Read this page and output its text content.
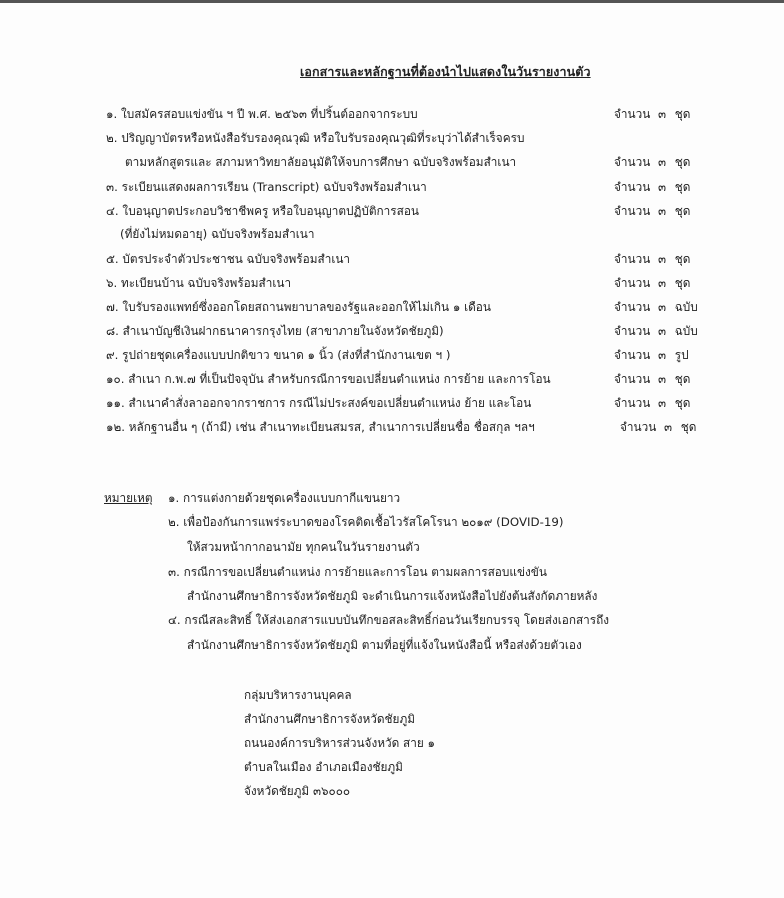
เอกสารและหลักฐานที่ต้องนำไปแสดงในวันรายงานตัว
๑. ใบสมัครสอบแข่งขัน ฯ ปี พ.ศ. ๒๕๖๓ ที่ปริ้นต์ออกจากระบบ	จำนวน ๓ ชุด
๒. ปริญญาบัตรหรือหนังสือรับรองคุณวุฒิ หรือใบรับรองคุณวุฒิที่ระบุว่าได้สำเร็จครบ
ตามหลักสูตรและ สภามหาวิทยาลัยอนุมัติให้จบการศึกษา ฉบับจริงพร้อมสำเนา	จำนวน ๓ ชุด
๓. ระเบียนแสดงผลการเรียน (Transcript) ฉบับจริงพร้อมสำเนา	จำนวน ๓ ชุด
๔. ใบอนุญาตประกอบวิชาชีพครู หรือใบอนุญาตปฏิบัติการสอน	จำนวน ๓ ชุด
(ที่ยังไม่หมดอายุ) ฉบับจริงพร้อมสำเนา
๕. บัตรประจำตัวประชาชน ฉบับจริงพร้อมสำเนา	จำนวน ๓ ชุด
๖. ทะเบียนบ้าน ฉบับจริงพร้อมสำเนา	จำนวน ๓ ชุด
๗. ใบรับรองแพทย์ซึ่งออกโดยสถานพยาบาลของรัฐและออกให้ไม่เกิน ๑ เดือน	จำนวน ๓ ฉบับ
๘. สำเนาบัญชีเงินฝากธนาคารกรุงไทย (สาขาภายในจังหวัดชัยภูมิ)	จำนวน ๓ ฉบับ
๙. รูปถ่ายชุดเครื่องแบบปกติขาว ขนาด ๑ นิ้ว (ส่งที่สำนักงานเขต ฯ )	จำนวน ๓ รูป
๑๐. สำเนา ก.พ.๗ ที่เป็นปัจจุบัน สำหรับกรณีการขอเปลี่ยนตำแหน่ง การย้าย และการโอน	จำนวน ๓ ชุด
๑๑. สำเนาคำสั่งลาออกจากราชการ กรณีไม่ประสงค์ขอเปลี่ยนตำแหน่ง ย้าย และโอน	จำนวน ๓ ชุด
๑๒. หลักฐานอื่น ๆ (ถ้ามี) เช่น สำเนาทะเบียนสมรส, สำเนาการเปลี่ยนชื่อ ชื่อสกุล ฯลฯ	จำนวน ๓ ชุด
หมายเหตุ ๑. การแต่งกายด้วยชุดเครื่องแบบกากีแขนยาว
๒. เพื่อป้องกันการแพร่ระบาดของโรคติดเชื้อไวรัสโคโรนา ๒๐๑๙ (DOVID-19)
ให้สวมหน้ากากอนามัย ทุกคนในวันรายงานตัว
๓. กรณีการขอเปลี่ยนตำแหน่ง การย้ายและการโอน ตามผลการสอบแข่งขัน
สำนักงานศึกษาธิการจังหวัดชัยภูมิ จะดำเนินการแจ้งหนังสือไปยังต้นสังกัดภายหลัง
๔. กรณีสละสิทธิ์ ให้ส่งเอกสารแบบบันทึกขอสละสิทธิ์ก่อนวันเรียกบรรจุ โดยส่งเอกสารถึง
สำนักงานศึกษาธิการจังหวัดชัยภูมิ ตามที่อยู่ที่แจ้งในหนังสือนี้ หรือส่งด้วยตัวเอง
กลุ่มบริหารงานบุคคล
สำนักงานศึกษาธิการจังหวัดชัยภูมิ
ถนนองค์การบริหารส่วนจังหวัด สาย ๑
ตำบลในเมือง อำเภอเมืองชัยภูมิ
จังหวัดชัยภูมิ ๓๖๐๐๐
